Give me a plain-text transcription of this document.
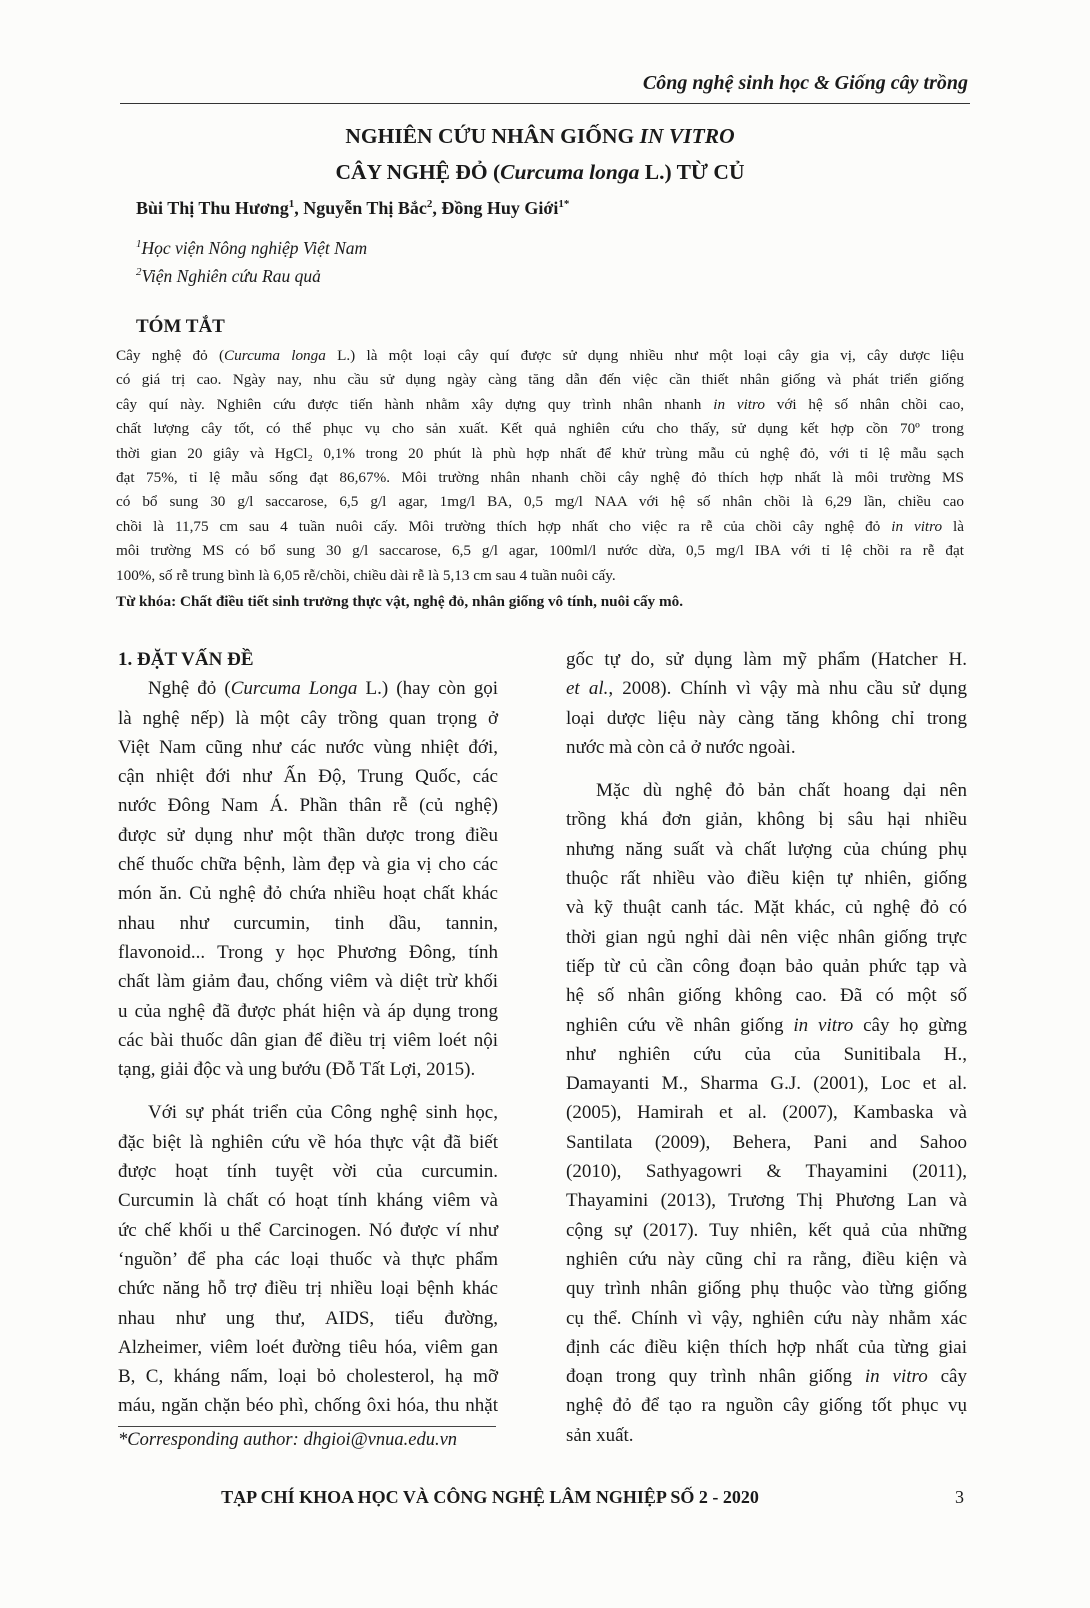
Công nghệ sinh học & Giống cây trồng
NGHIÊN CỨU NHÂN GIỐNG IN VITRO
CÂY NGHỆ ĐỎ (Curcuma longa L.) TỪ CỦ
Bùi Thị Thu Hương$^1$, Nguyễn Thị Bắc$^2$, Đồng Huy Giới$^{1*}$
$^1$Học viện Nông nghiệp Việt Nam
$^2$Viện Nghiên cứu Rau quả
TÓM TẮT
Cây nghệ đỏ (Curcuma longa L.) là một loại cây quí được sử dụng nhiều như một loại cây gia vị, cây dược liệu
có giá trị cao. Ngày nay, nhu cầu sử dụng ngày càng tăng dẫn đến việc cần thiết nhân giống và phát triển giống
cây quí này. Nghiên cứu được tiến hành nhằm xây dựng quy trình nhân nhanh in vitro với hệ số nhân chồi cao,
chất lượng cây tốt, có thể phục vụ cho sản xuất. Kết quả nghiên cứu cho thấy, sử dụng kết hợp cồn 70º trong
thời gian 20 giây và HgCl₂ 0,1% trong 20 phút là phù hợp nhất để khử trùng mẫu củ nghệ đỏ, với tỉ lệ mẫu sạch
đạt 75%, tỉ lệ mẫu sống đạt 86,67%. Môi trường nhân nhanh chồi cây nghệ đỏ thích hợp nhất là môi trường MS
có bổ sung 30 g/l saccarose, 6,5 g/l agar, 1mg/l BA, 0,5 mg/l NAA với hệ số nhân chồi là 6,29 lần, chiều cao
chồi là 11,75 cm sau 4 tuần nuôi cấy. Môi trường thích hợp nhất cho việc ra rễ của chồi cây nghệ đỏ in vitro là
môi trường MS có bổ sung 30 g/l saccarose, 6,5 g/l agar, 100ml/l nước dừa, 0,5 mg/l IBA với tỉ lệ chồi ra rễ đạt
100%, số rễ trung bình là 6,05 rễ/chồi, chiều dài rễ là 5,13 cm sau 4 tuần nuôi cấy.
Từ khóa: Chất điều tiết sinh trưởng thực vật, nghệ đỏ, nhân giống vô tính, nuôi cấy mô.
1. ĐẶT VẤN ĐỀ
Nghệ đỏ (Curcuma Longa L.) (hay còn gọi
là nghệ nếp) là một cây trồng quan trọng ở
Việt Nam cũng như các nước vùng nhiệt đới,
cận nhiệt đới như Ấn Độ, Trung Quốc, các
nước Đông Nam Á. Phần thân rễ (củ nghệ)
được sử dụng như một thần dược trong điều
chế thuốc chữa bệnh, làm đẹp và gia vị cho các
món ăn. Củ nghệ đỏ chứa nhiều hoạt chất khác
nhau như curcumin, tinh dầu, tannin,
flavonoid... Trong y học Phương Đông, tính
chất làm giảm đau, chống viêm và diệt trừ khối
u của nghệ đã được phát hiện và áp dụng trong
các bài thuốc dân gian để điều trị viêm loét nội
tạng, giải độc và ung bướu (Đỗ Tất Lợi, 2015).
Với sự phát triển của Công nghệ sinh học,
đặc biệt là nghiên cứu về hóa thực vật đã biết
được hoạt tính tuyệt vời của curcumin.
Curcumin là chất có hoạt tính kháng viêm và
ức chế khối u thể Carcinogen. Nó được ví như
‘nguồn’ để pha các loại thuốc và thực phẩm
chức năng hỗ trợ điều trị nhiều loại bệnh khác
nhau như ung thư, AIDS, tiểu đường,
Alzheimer, viêm loét đường tiêu hóa, viêm gan
B, C, kháng nấm, loại bỏ cholesterol, hạ mỡ
máu, ngăn chặn béo phì, chống ôxi hóa, thu nhặt
gốc tự do, sử dụng làm mỹ phẩm (Hatcher H.
et al., 2008). Chính vì vậy mà nhu cầu sử dụng
loại dược liệu này càng tăng không chỉ trong
nước mà còn cả ở nước ngoài.
Mặc dù nghệ đỏ bản chất hoang dại nên
trồng khá đơn giản, không bị sâu hại nhiều
nhưng năng suất và chất lượng của chúng phụ
thuộc rất nhiều vào điều kiện tự nhiên, giống
và kỹ thuật canh tác. Mặt khác, củ nghệ đỏ có
thời gian ngủ nghỉ dài nên việc nhân giống trực
tiếp từ củ cần công đoạn bảo quản phức tạp và
hệ số nhân giống không cao. Đã có một số
nghiên cứu về nhân giống in vitro cây họ gừng
như nghiên cứu của của Sunitibala H.,
Damayanti M., Sharma G.J. (2001), Loc et al.
(2005), Hamirah et al. (2007), Kambaska và
Santilata (2009), Behera, Pani and Sahoo
(2010), Sathyagowri & Thayamini (2011),
Thayamini (2013), Trương Thị Phương Lan và
cộng sự (2017). Tuy nhiên, kết quả của những
nghiên cứu này cũng chỉ ra rằng, điều kiện và
quy trình nhân giống phụ thuộc vào từng giống
cụ thể. Chính vì vậy, nghiên cứu này nhằm xác
định các điều kiện thích hợp nhất của từng giai
đoạn trong quy trình nhân giống in vitro cây
nghệ đỏ để tạo ra nguồn cây giống tốt phục vụ
sản xuất.
*Corresponding author: dhgioi@vnua.edu.vn
TẠP CHÍ KHOA HỌC VÀ CÔNG NGHỆ LÂM NGHIỆP SỐ 2 - 2020	3
